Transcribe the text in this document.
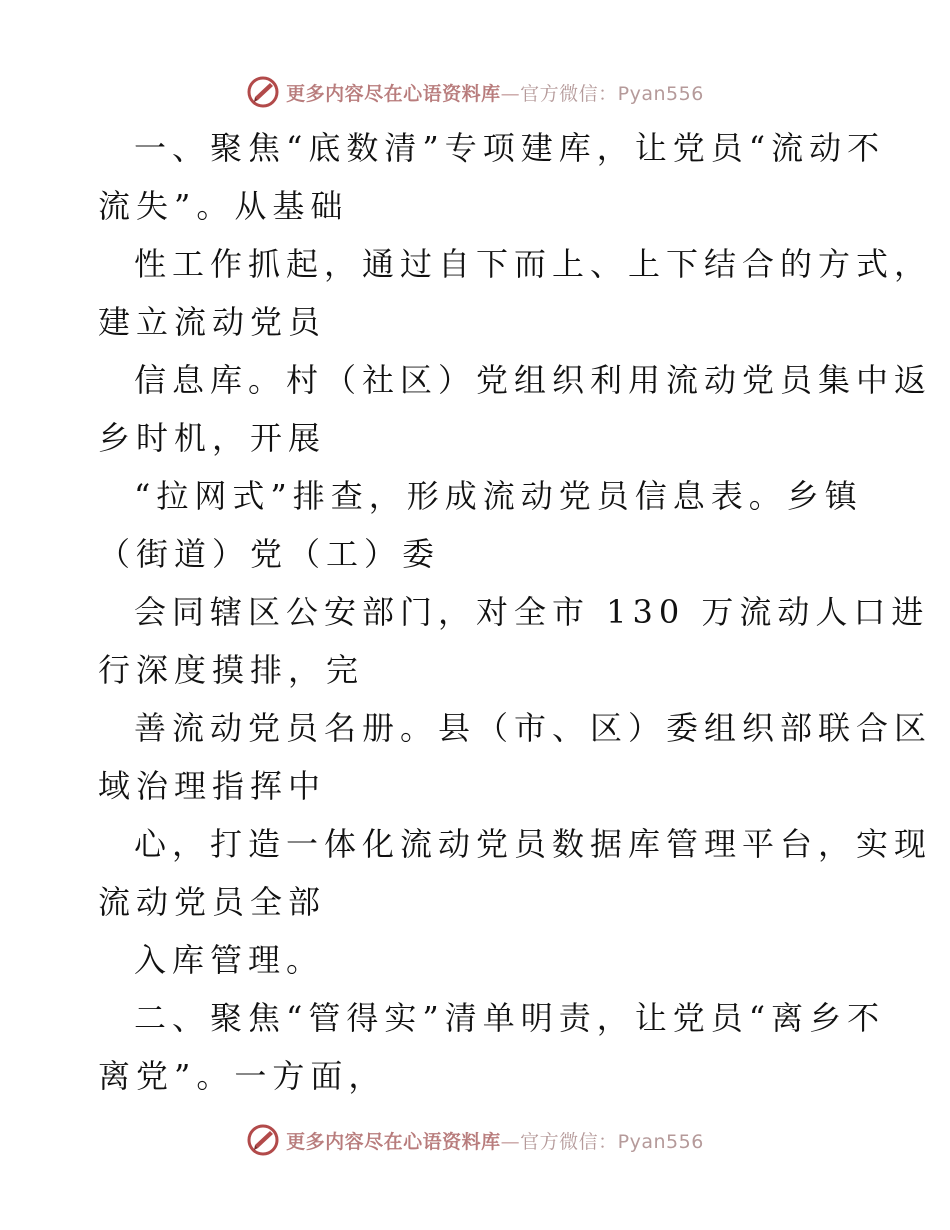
更多内容尽在心语资料库—官方微信：Pyan556
一、聚焦“底数清”专项建库，让党员“流动不
流失”。从基础
性工作抓起，通过自下而上、上下结合的方式，
建立流动党员
信息库。村（社区）党组织利用流动党员集中返
乡时机，开展
“拉网式”排查，形成流动党员信息表。乡镇
（街道）党（工）委
会同辖区公安部门，对全市 130 万流动人口进
行深度摸排，完
善流动党员名册。县（市、区）委组织部联合区
域治理指挥中
心，打造一体化流动党员数据库管理平台，实现
流动党员全部
入库管理。
二、聚焦“管得实”清单明责，让党员“离乡不
离党”。一方面，
更多内容尽在心语资料库—官方微信：Pyan556
